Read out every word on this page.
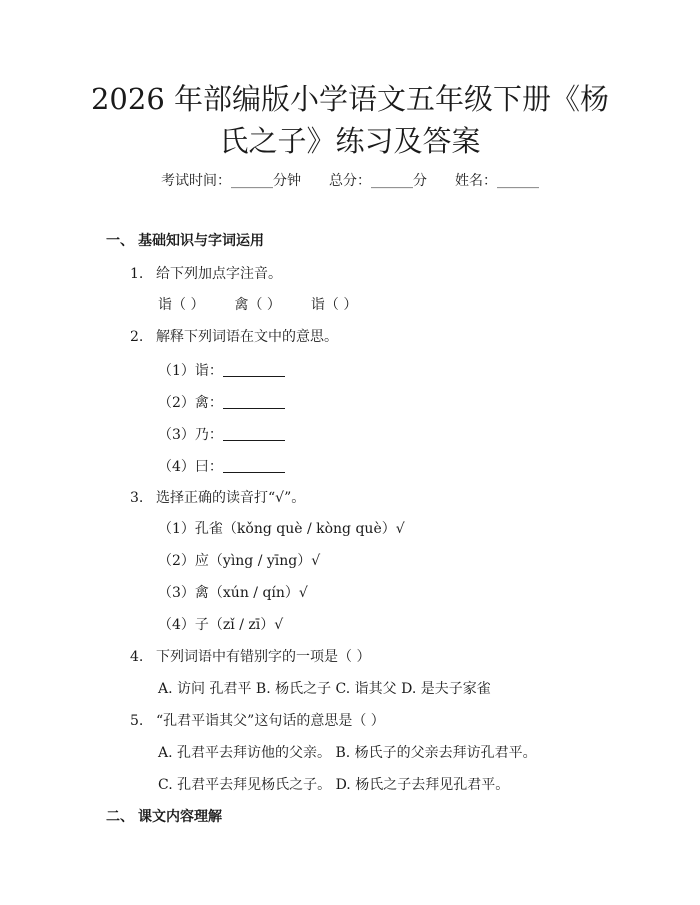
2026 年部编版小学语文五年级下册《杨氏之子》练习及答案
考试时间：______分钟 总分：______分 姓名：______
一、 基础知识与字词运用
1. 给下列加点字注音。
诣（ ） 禽（ ） 诣（ ）
2. 解释下列词语在文中的意思。
（1）诣：
（2）禽：
（3）乃：
（4）曰：
3. 选择正确的读音打“√”。
（1）孔雀（kǒng què / kòng què）√
（2）应（yìng / yīng）√
（3）禽（xún / qín）√
（4）子（zǐ / zī）√
4. 下列词语中有错别字的一项是（ ）
A. 访问 孔君平 B. 杨氏之子 C. 诣其父 D. 是夫子家雀
5. “孔君平诣其父”这句话的意思是（ ）
A. 孔君平去拜访他的父亲。 B. 杨氏子的父亲去拜访孔君平。
C. 孔君平去拜见杨氏之子。 D. 杨氏之子去拜见孔君平。
二、 课文内容理解
